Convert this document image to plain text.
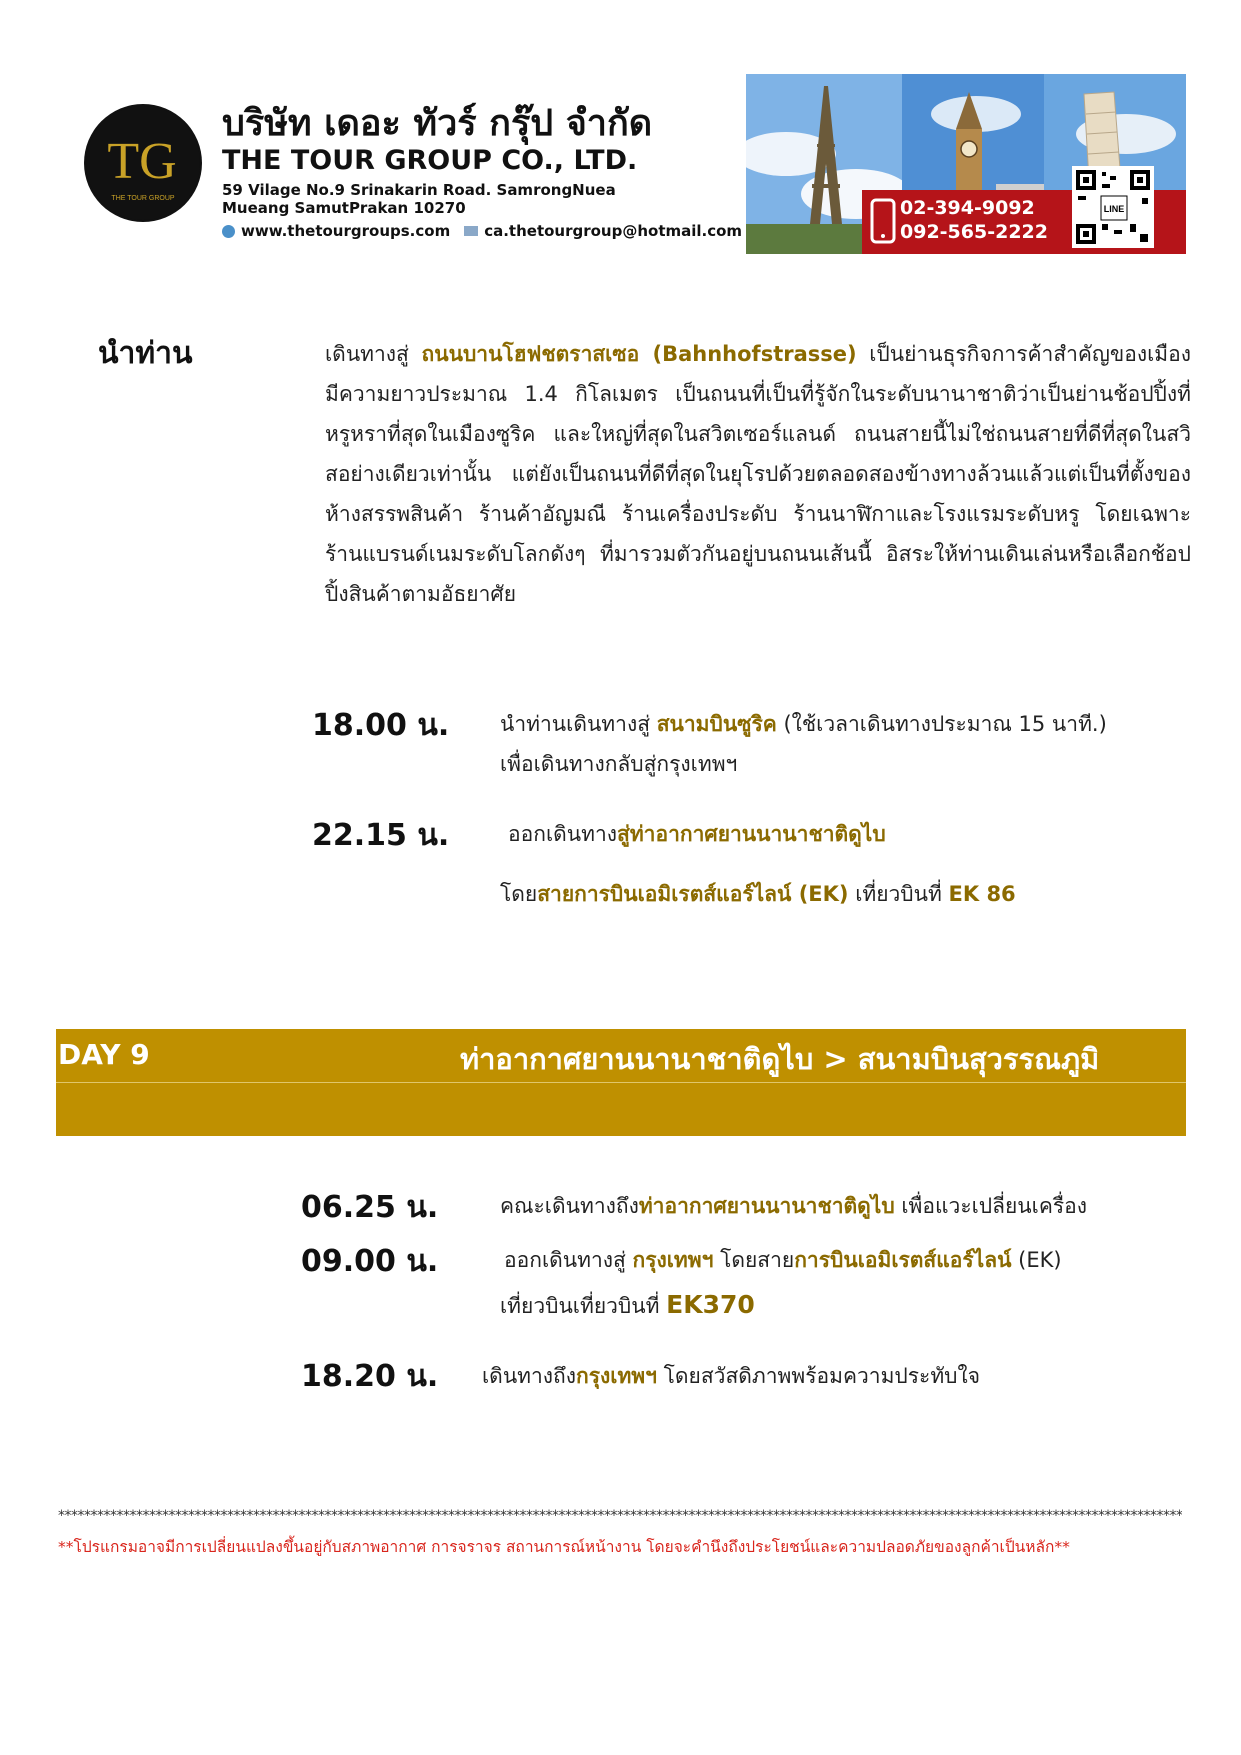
TG
THE TOUR GROUP
บริษัท เดอะ ทัวร์ กรุ๊ป จำกัด
THE TOUR GROUP CO., LTD.
59 Vilage No.9 Srinakarin Road. SamrongNuea
Mueang SamutPrakan 10270
www.thetourgroups.com ca.thetourgroup@hotmail.com
LINE
02-394-9092
092-565-2222
นำท่าน	เดินทางสู่ ถนนบานโฮฟชตราสเซอ (Bahnhofstrasse) เป็นย่านธุรกิจการค้าสำคัญของเมือง มีความยาวประมาณ 1.4 กิโลเมตร เป็นถนนที่เป็นที่รู้จักในระดับนานาชาติว่าเป็นย่านช้อปปิ้งที่หรูหราที่สุดในเมืองซูริค และใหญ่ที่สุดในสวิตเซอร์แลนด์ ถนนสายนี้ไม่ใช่ถนนสายที่ดีที่สุดในสวิสอย่างเดียวเท่านั้น แต่ยังเป็นถนนที่ดีที่สุดในยุโรปด้วยตลอดสองข้างทางล้วนแล้วแต่เป็นที่ตั้งของห้างสรรพสินค้า ร้านค้าอัญมณี ร้านเครื่องประดับ ร้านนาฬิกาและโรงแรมระดับหรู โดยเฉพาะร้านแบรนด์เนมระดับโลกดังๆ ที่มารวมตัวกันอยู่บนถนนเส้นนี้ อิสระให้ท่านเดินเล่นหรือเลือกช้อปปิ้งสินค้าตามอัธยาศัย
18.00 น. นำท่านเดินทางสู่ สนามบินซูริค (ใช้เวลาเดินทางประมาณ 15 นาที.)
เพื่อเดินทางกลับสู่กรุงเทพฯ
22.15 น.	ออกเดินทางสู่ท่าอากาศยานนานาชาติดูไบ
โดยสายการบินเอมิเรตส์แอร์ไลน์ (EK) เที่ยวบินที่ EK 86
DAY 9	ท่าอากาศยานนานาชาติดูไบ > สนามบินสุวรรณภูมิ
06.25 น.	คณะเดินทางถึงท่าอากาศยานนานาชาติดูไบ เพื่อแวะเปลี่ยนเครื่อง
09.00 น.	ออกเดินทางสู่ กรุงเทพฯ โดยสายการบินเอมิเรตส์แอร์ไลน์ (EK)
เที่ยวบินเที่ยวบินที่ EK370
18.20 น. เดินทางถึงกรุงเทพฯ โดยสวัสดิภาพพร้อมความประทับใจ
*****************************************************************************************************************************************************************************
**โปรแกรมอาจมีการเปลี่ยนแปลงขึ้นอยู่กับสภาพอากาศ การจราจร สถานการณ์หน้างาน โดยจะคำนึงถึงประโยชน์และความปลอดภัยของลูกค้าเป็นหลัก**
